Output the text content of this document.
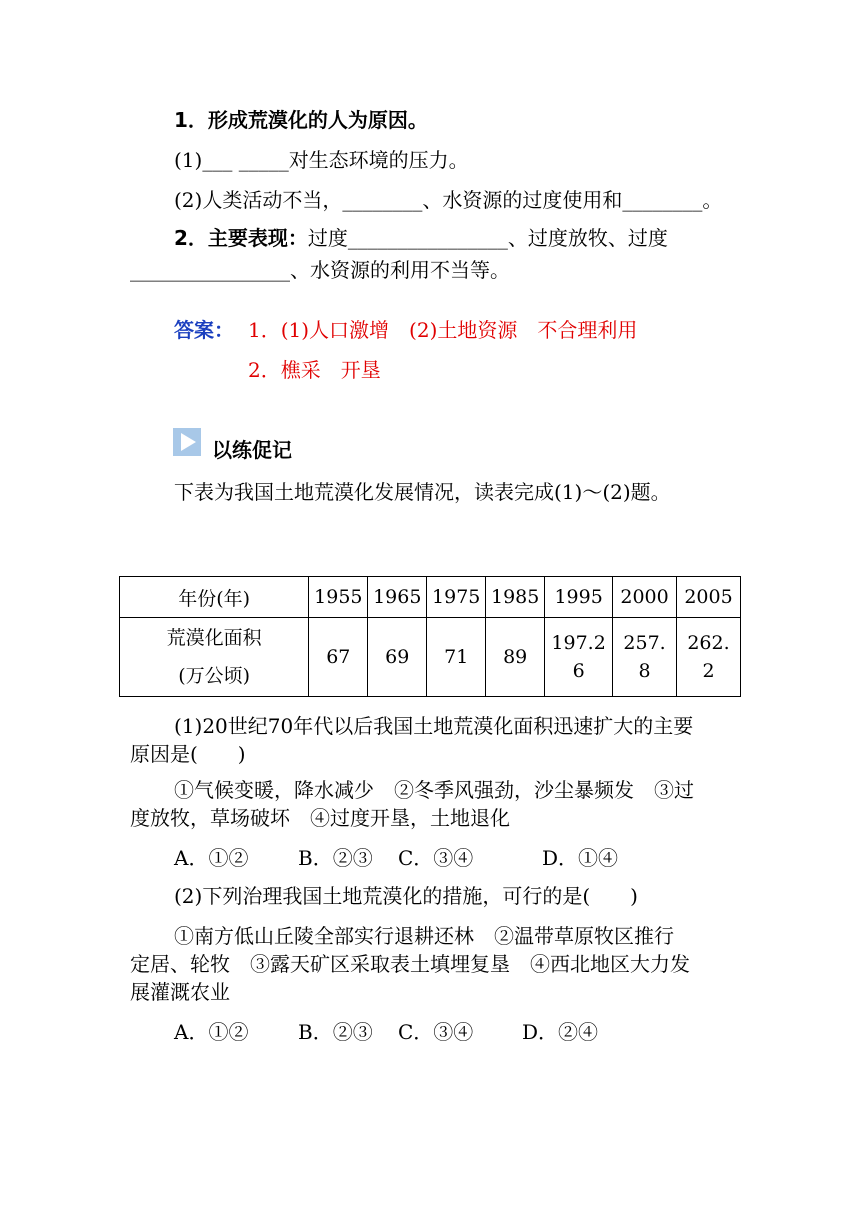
1．形成荒漠化的人为原因。
(1)___ _____对生态环境的压力。
(2)人类活动不当，________、水资源的过度使用和________。
2．主要表现：过度________________、过度放牧、过度
________________、水资源的利用不当等。
答案： 1．(1)人口激增　(2)土地资源　不合理利用
2．樵采　开垦
以练促记
下表为我国土地荒漠化发展情况，读表完成(1)～(2)题。
年份(年)	1955	1965	1975	1985	1995	2000	2005

荒漠化面积
(万公顷)	67	69	71	89	197.26	257.8	262.2
(1)20世纪70年代以后我国土地荒漠化面积迅速扩大的主要
原因是(　　)
①气候变暖，降水减少　②冬季风强劲，沙尘暴频发　③过
度放牧，草场破坏　④过度开垦，土地退化
A．①② B．②③ C．③④	D．①④
(2)下列治理我国土地荒漠化的措施，可行的是(　　)
①南方低山丘陵全部实行退耕还林　②温带草原牧区推行
定居、轮牧　③露天矿区采取表土填埋复垦　④西北地区大力发
展灌溉农业
A．①② B．②③ C．③④ D．②④
